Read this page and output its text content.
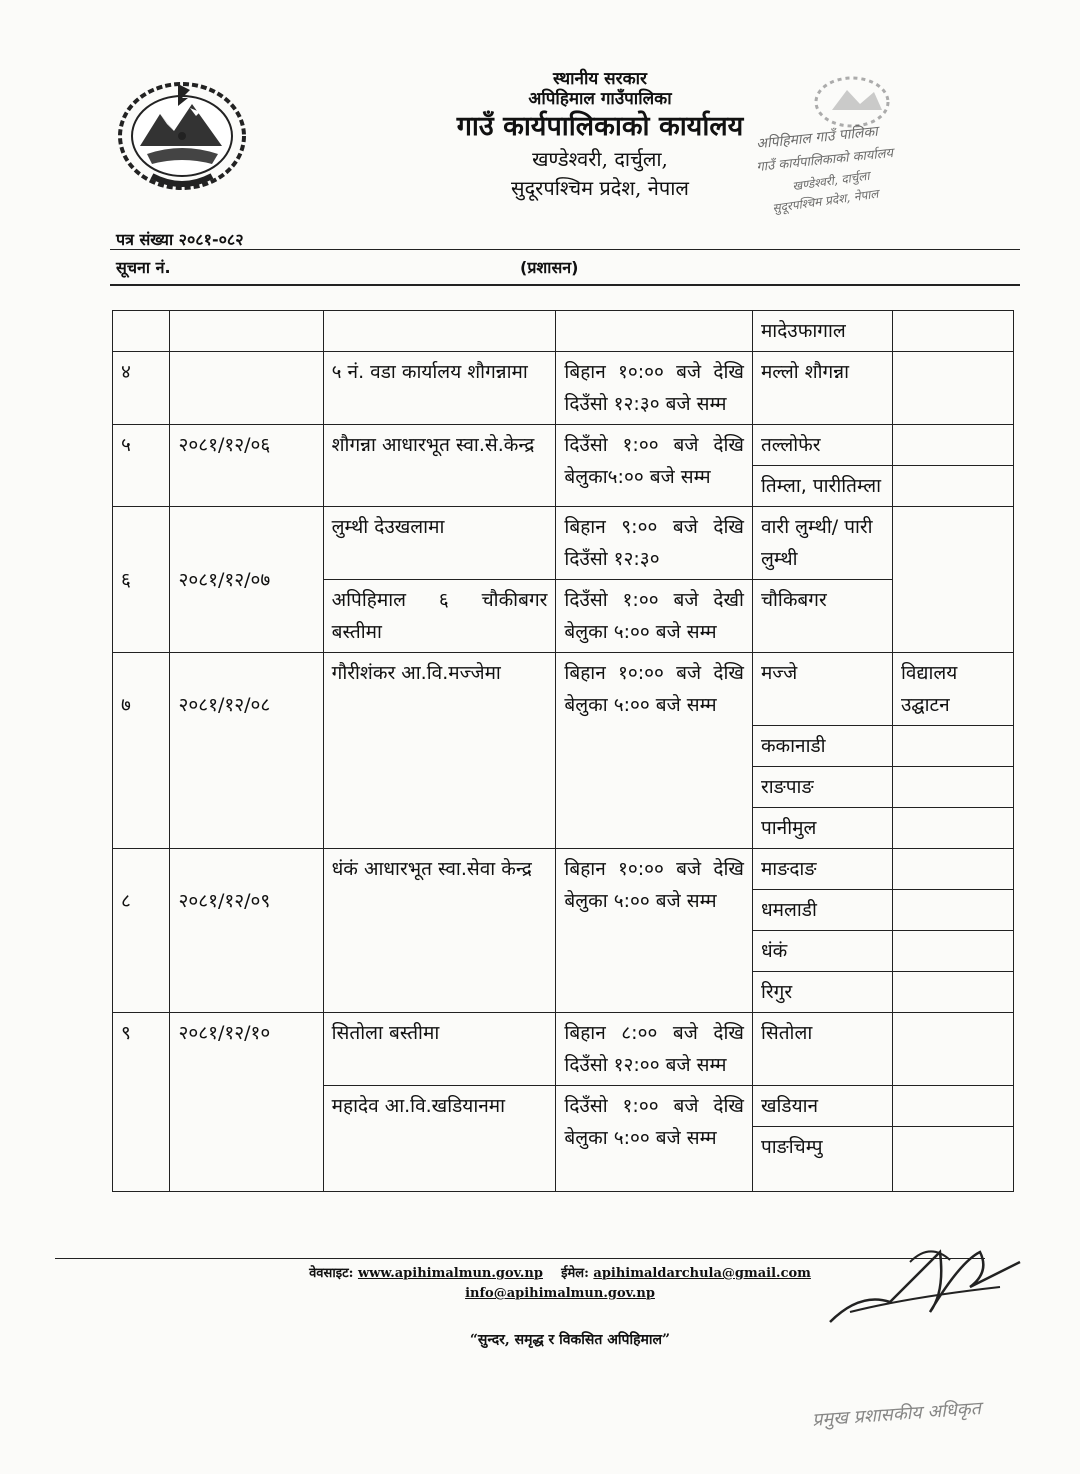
स्थानीय सरकार
अपिहिमाल गाउँपालिका
गाउँ कार्यपालिकाको कार्यालय
खण्डेश्वरी, दार्चुला,
सुदूरपश्चिम प्रदेश, नेपाल
अपिहिमाल गाउँ पालिका
गाउँ कार्यपालिकाको कार्यालय
खण्डेश्वरी, दार्चुला
सुदूरपश्चिम प्रदेश, नेपाल
पत्र संख्या २०८१-०८२
सूचना नं.	(प्रशासन)
				मादेउफागाल	
४		५ नं. वडा कार्यालय शौगन्नामा	बिहान १०:०० बजे देखि दिउँसो १२:३० बजे सम्म	मल्लो शौगन्ना	
५	२०८१/१२/०६	शौगन्ना आधारभूत स्वा.से.केन्द्र	दिउँसो १:०० बजे देखि बेलुका५:०० बजे सम्म	तल्लोफेर	
				तिम्ला, पारीतिम्ला	
६	२०८१/१२/०७	लुम्थी देउखलामा	बिहान ९:०० बजे देखि दिउँसो १२:३०	वारी लुम्थी/ पारी लुम्थी	
		अपिहिमाल ६ चौकीबगर बस्तीमा	दिउँसो १:०० बजे देखी बेलुका ५:०० बजे सम्म	चौकिबगर	
७	२०८१/१२/०८	गौरीशंकर आ.वि.मज्जेमा	बिहान १०:०० बजे देखि बेलुका ५:०० बजे सम्म	मज्जे	विद्यालय उद्घाटन
				ककानाडी	
				राङपाङ	
				पानीमुल	
८	२०८१/१२/०९	धंकं आधारभूत स्वा.सेवा केन्द्र	बिहान १०:०० बजे देखि बेलुका ५:०० बजे सम्म	माङदाङ	
				धमलाडी	
				धंकं	
				रिगुर	
९	२०८१/१२/१०	सितोला बस्तीमा	बिहान ८:०० बजे देखि दिउँसो १२:०० बजे सम्म	सितोला	
		महादेव आ.वि.खडियानमा	दिउँसो १:०० बजे देखि बेलुका ५:०० बजे सम्म	खडियान	
				पाङचिम्पु	
वेवसाइट: www.apihimalmun.gov.np ईमेल: apihimaldarchula@gmail.com
info@apihimalmun.gov.np
“सुन्दर, समृद्ध र विकसित अपिहिमाल”
प्रमुख प्रशासकीय अधिकृत
